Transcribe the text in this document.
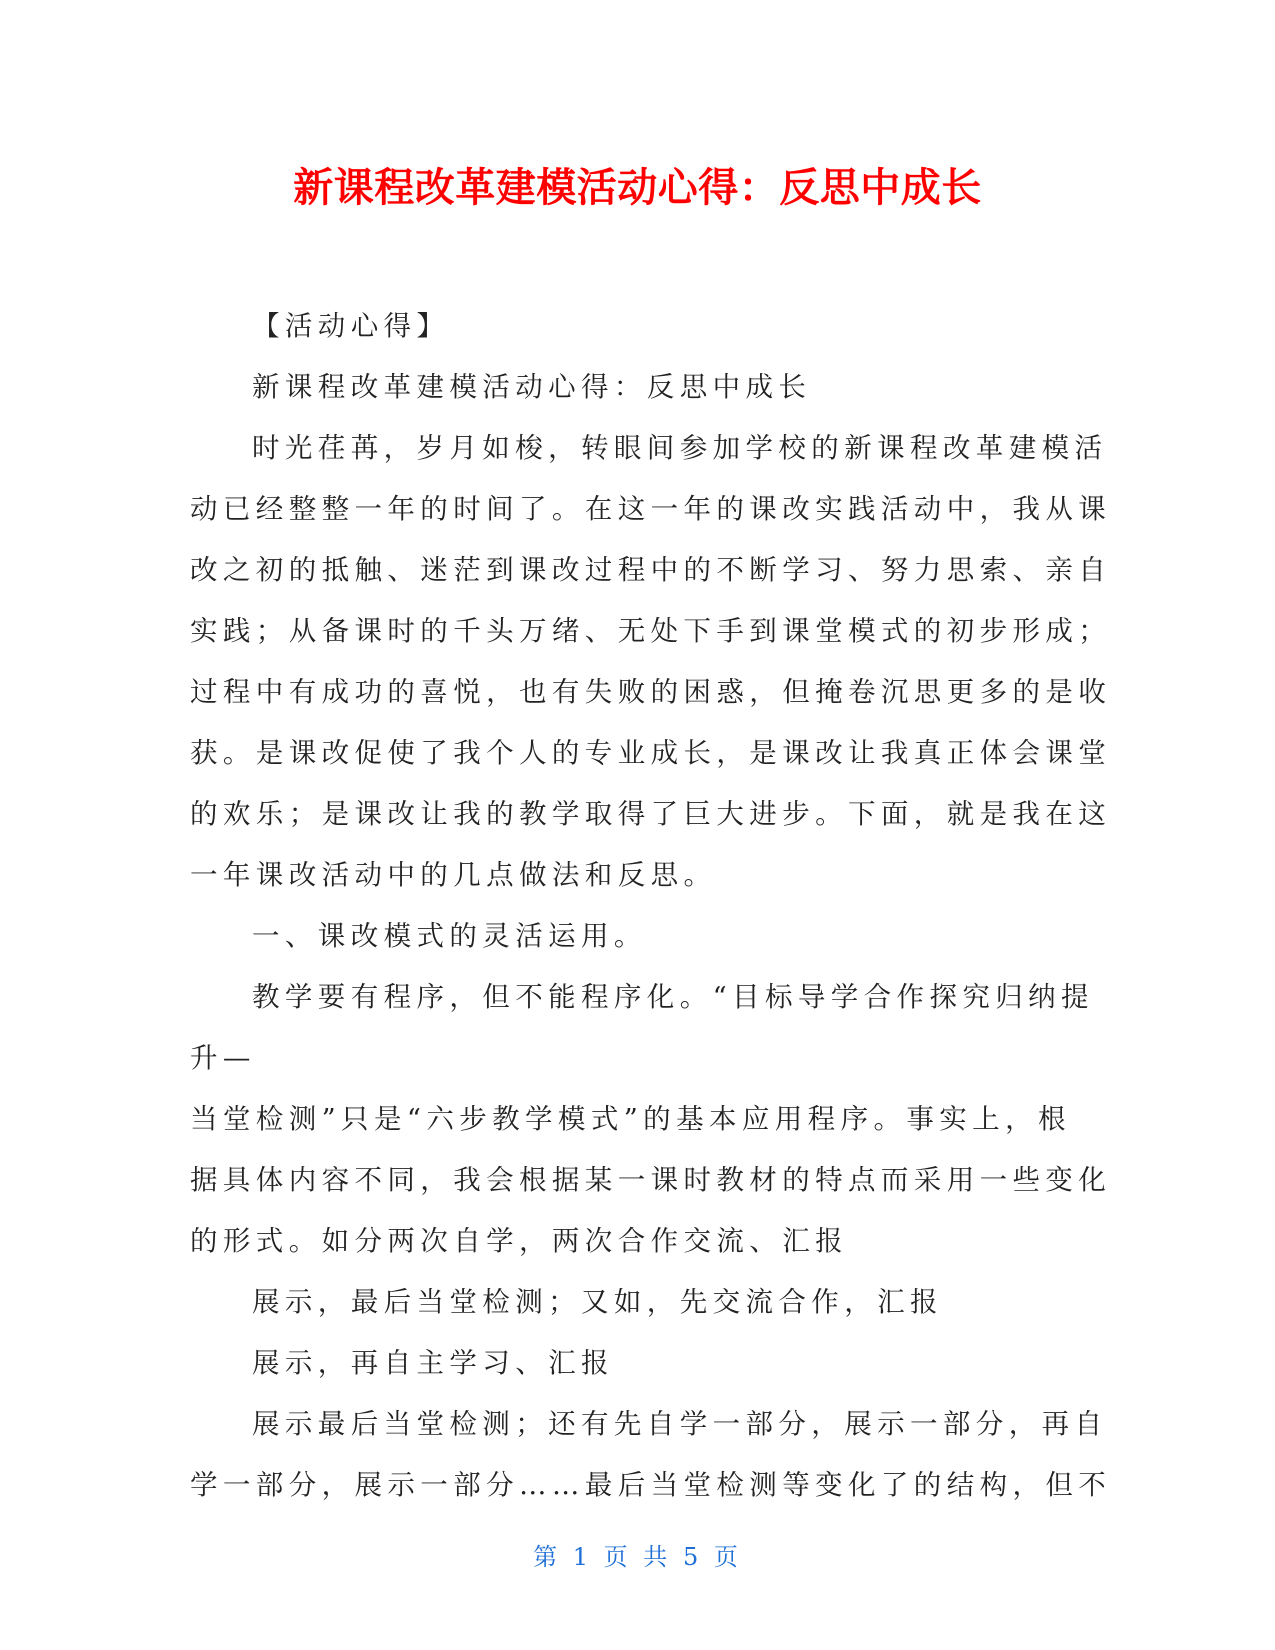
新课程改革建模活动心得：反思中成长

【活动心得】

新课程改革建模活动心得：反思中成长

时光荏苒，岁月如梭，转眼间参加学校的新课程改革建模活

动已经整整一年的时间了。在这一年的课改实践活动中，我从课

改之初的抵触、迷茫到课改过程中的不断学习、努力思索、亲自

实践；从备课时的千头万绪、无处下手到课堂模式的初步形成；

过程中有成功的喜悦，也有失败的困惑，但掩卷沉思更多的是收

获。是课改促使了我个人的专业成长，是课改让我真正体会课堂

的欢乐；是课改让我的教学取得了巨大进步。下面，就是我在这

一年课改活动中的几点做法和反思。

一、课改模式的灵活运用。

教学要有程序，但不能程序化。“目标导学合作探究归纳提

升—

当堂检测”只是“六步教学模式”的基本应用程序。事实上，根

据具体内容不同，我会根据某一课时教材的特点而采用一些变化

的形式。如分两次自学，两次合作交流、汇报

展示，最后当堂检测；又如，先交流合作，汇报

展示，再自主学习、汇报

展示最后当堂检测；还有先自学一部分，展示一部分，再自

学一部分，展示一部分……最后当堂检测等变化了的结构，但不

第 1 页 共 5 页
